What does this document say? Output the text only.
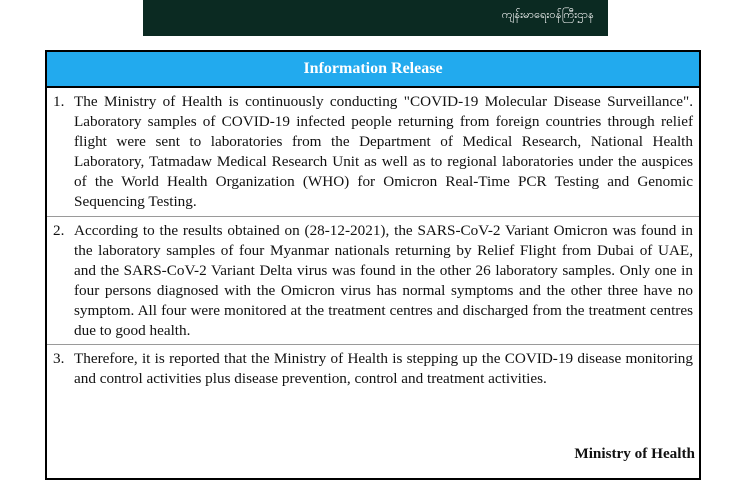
ကျန်းမာရေးဝန်ကြီးဌာန
Information Release
1. The Ministry of Health is continuously conducting "COVID-19 Molecular Disease Surveillance". Laboratory samples of COVID-19 infected people returning from foreign countries through relief flight were sent to laboratories from the Department of Medical Research, National Health Laboratory, Tatmadaw Medical Research Unit as well as to regional laboratories under the auspices of the World Health Organization (WHO) for Omicron Real-Time PCR Testing and Genomic Sequencing Testing.
2. According to the results obtained on (28-12-2021), the SARS-CoV-2 Variant Omicron was found in the laboratory samples of four Myanmar nationals returning by Relief Flight from Dubai of UAE, and the SARS-CoV-2 Variant Delta virus was found in the other 26 laboratory samples. Only one in four persons diagnosed with the Omicron virus has normal symptoms and the other three have no symptom. All four were monitored at the treatment centres and discharged from the treatment centres due to good health.
3. Therefore, it is reported that the Ministry of Health is stepping up the COVID-19 disease monitoring and control activities plus disease prevention, control and treatment activities.
Ministry of Health
